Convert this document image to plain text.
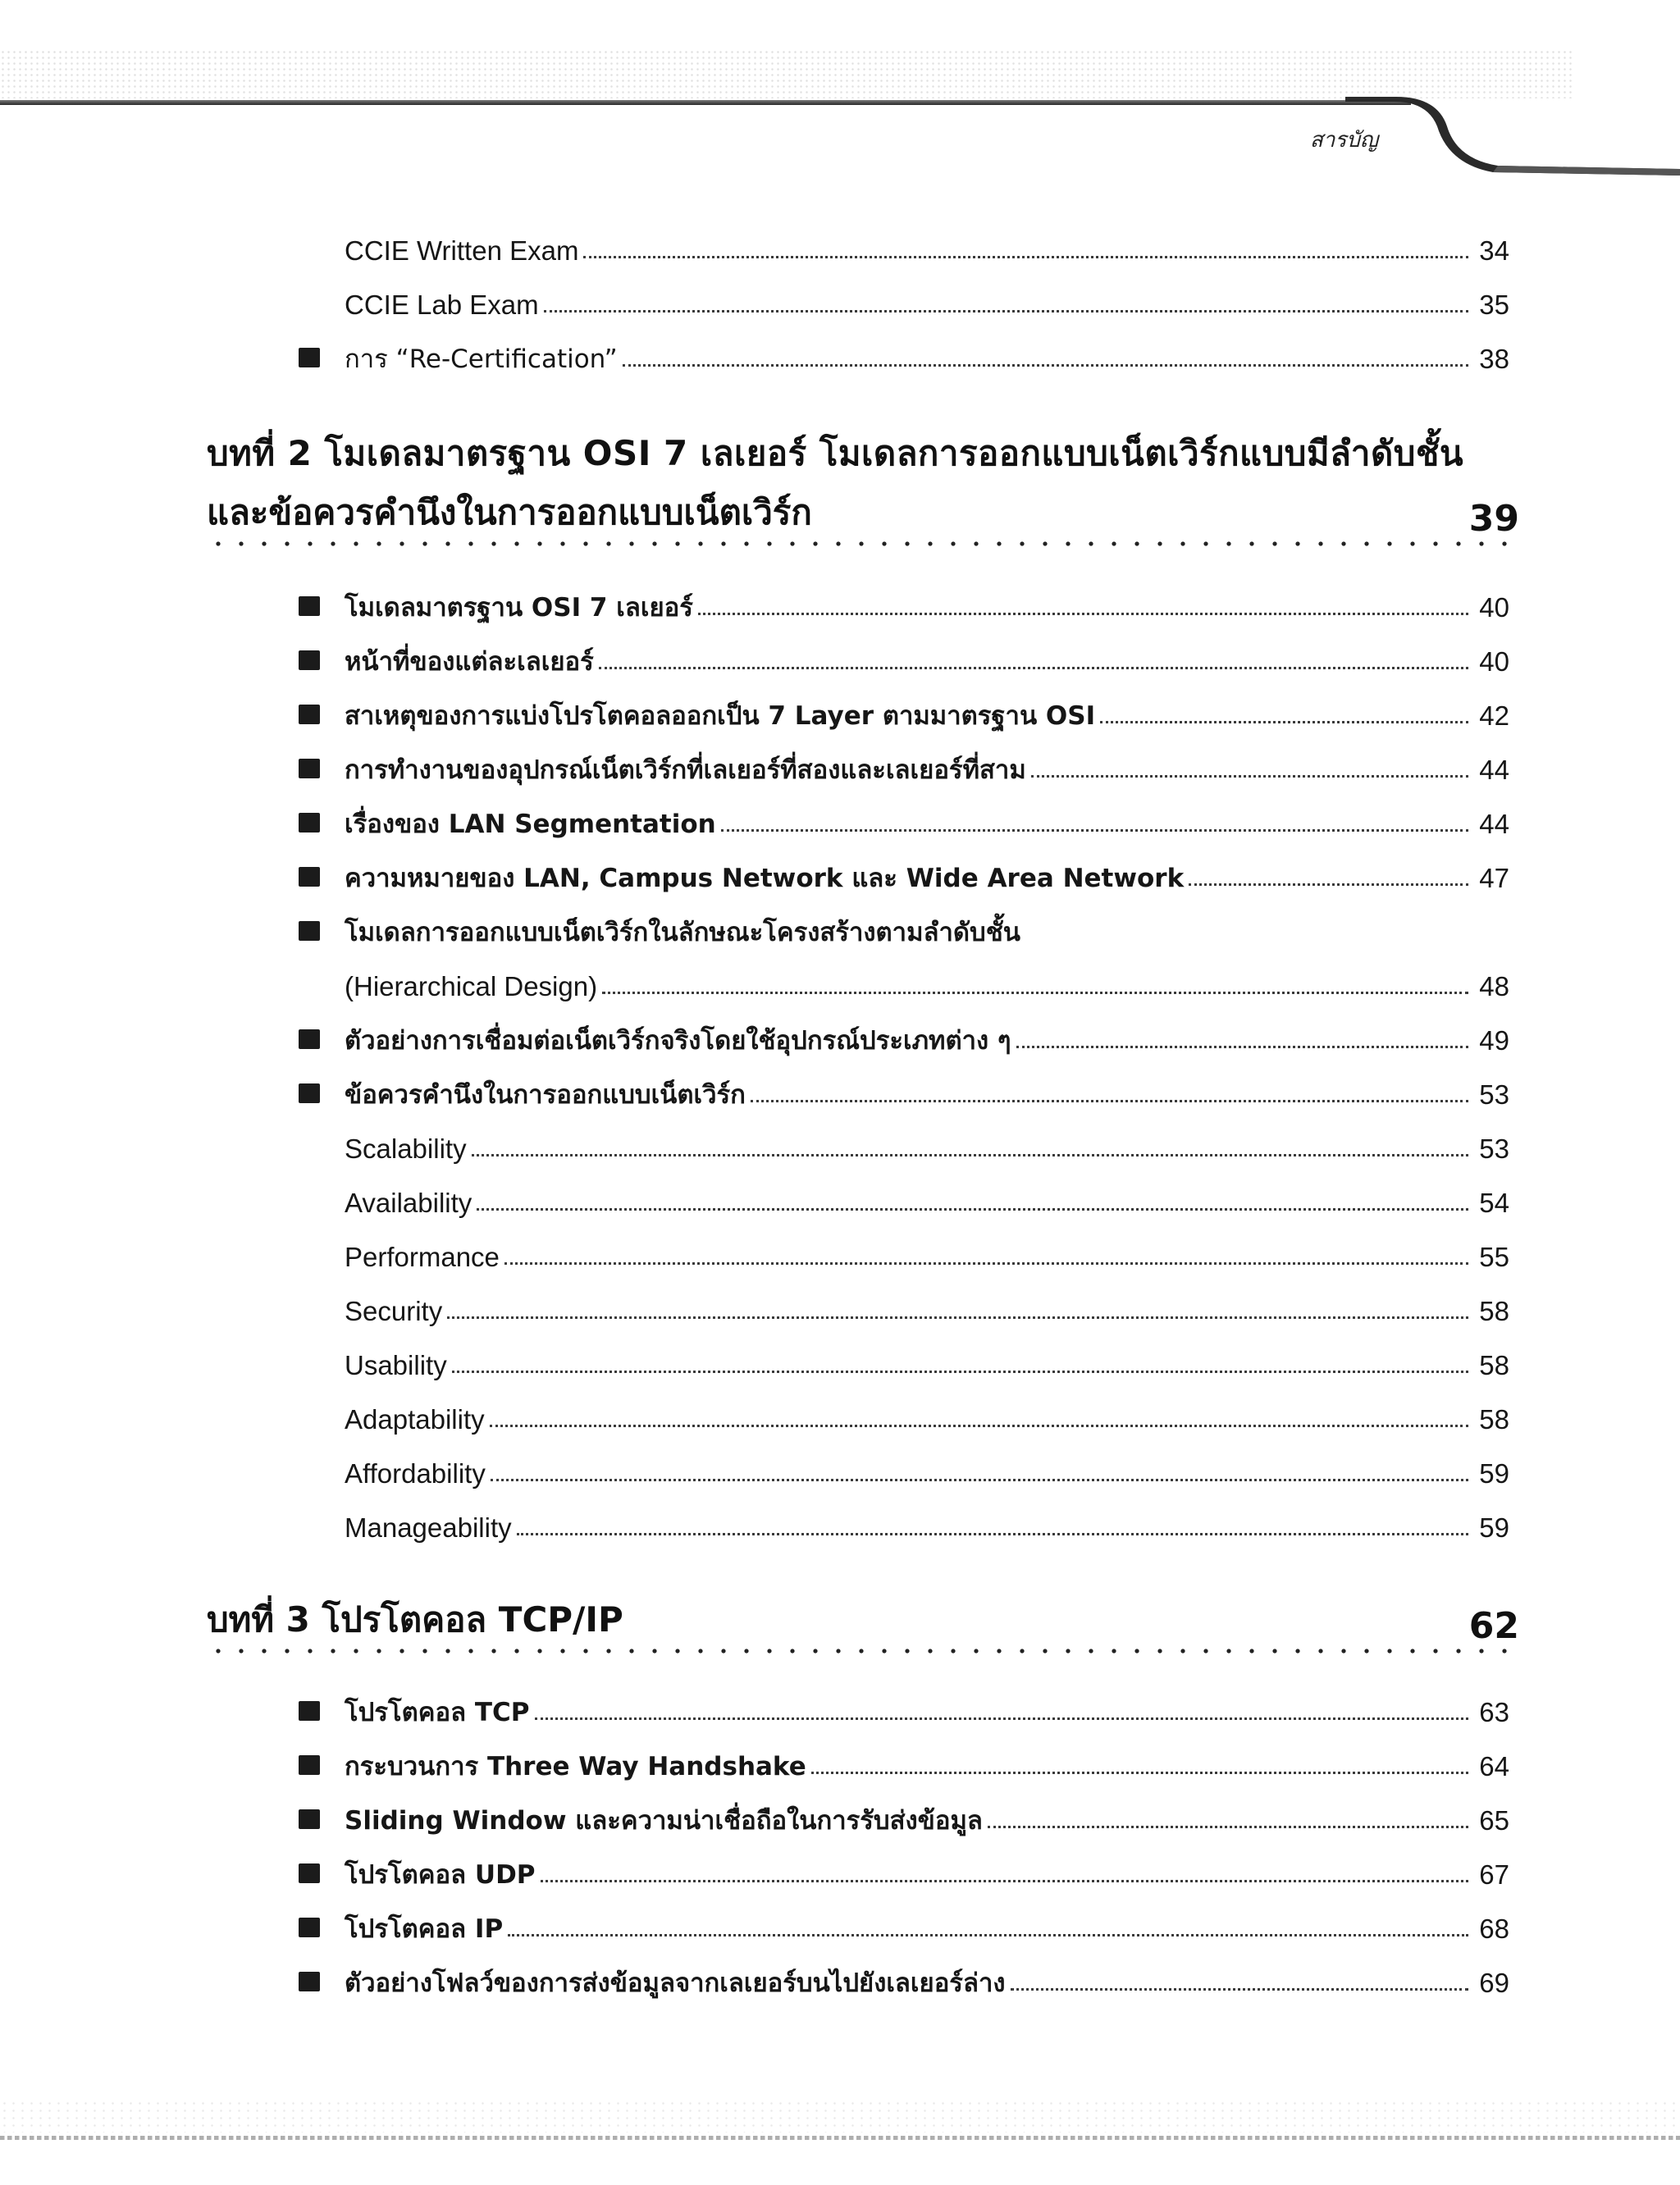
สารบัญ
CCIE Written Exam	34
CCIE Lab Exam	35
การ “Re-Certification”	38
บทที่ 2 โมเดลมาตรฐาน OSI 7 เลเยอร์ โมเดลการออกแบบเน็ตเวิร์กแบบมีลำดับชั้น
และข้อควรคำนึงในการออกแบบเน็ตเวิร์ก	39
โมเดลมาตรฐาน OSI 7 เลเยอร์	40
หน้าที่ของแต่ละเลเยอร์	40
สาเหตุของการแบ่งโปรโตคอลออกเป็น 7 Layer ตามมาตรฐาน OSI	42
การทำงานของอุปกรณ์เน็ตเวิร์กที่เลเยอร์ที่สองและเลเยอร์ที่สาม	44
เรื่องของ LAN Segmentation	44
ความหมายของ LAN, Campus Network และ Wide Area Network	47
โมเดลการออกแบบเน็ตเวิร์กในลักษณะโครงสร้างตามลำดับชั้น
(Hierarchical Design)	48
ตัวอย่างการเชื่อมต่อเน็ตเวิร์กจริงโดยใช้อุปกรณ์ประเภทต่าง ๆ	49
ข้อควรคำนึงในการออกแบบเน็ตเวิร์ก	53
Scalability	53
Availability	54
Performance	55
Security	58
Usability	58
Adaptability	58
Affordability	59
Manageability	59
บทที่ 3 โปรโตคอล TCP/IP	62
โปรโตคอล TCP	63
กระบวนการ Three Way Handshake	64
Sliding Window และความน่าเชื่อถือในการรับส่งข้อมูล	65
โปรโตคอล UDP	67
โปรโตคอล IP	68
ตัวอย่างโฟลว์ของการส่งข้อมูลจากเลเยอร์บนไปยังเลเยอร์ล่าง	69
